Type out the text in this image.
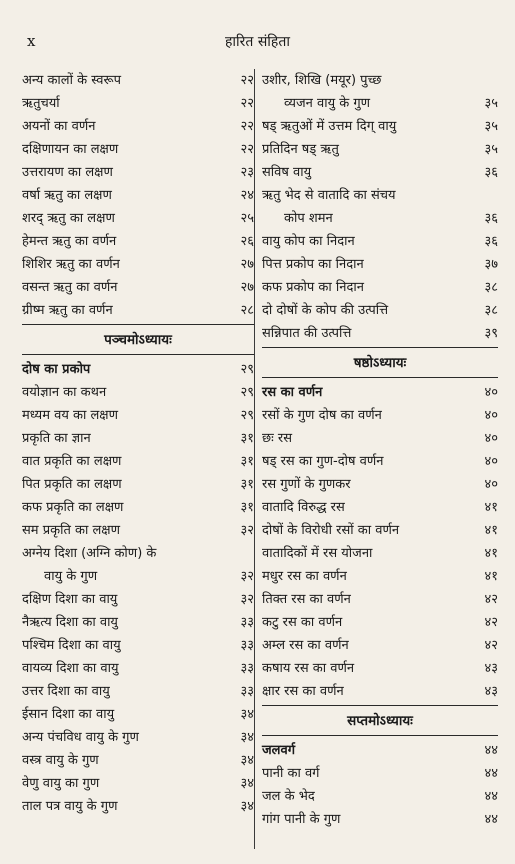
x	हारित संहिता
अन्य कालों के स्वरूप	२२
ऋतुचर्या	२२
अयनों का वर्णन	२२
दक्षिणायन का लक्षण	२२
उत्तरायण का लक्षण	२३
वर्षा ऋतु का लक्षण	२४
शरद् ऋतु का लक्षण	२५
हेमन्त ऋतु का वर्णन	२६
शिशिर ऋतु का वर्णन	२७
वसन्त ऋतु का वर्णन	२७
ग्रीष्म ऋतु का वर्णन	२८
पञ्चमोऽध्यायः
दोष का प्रकोप	२९
वयोज्ञान का कथन	२९
मध्यम वय का लक्षण	२९
प्रकृति का ज्ञान	३१
वात प्रकृति का लक्षण	३१
पित प्रकृति का लक्षण	३१
कफ प्रकृति का लक्षण	३१
सम प्रकृति का लक्षण	३२
अग्नेय दिशा (अग्नि कोण) के
वायु के गुण	३२
दक्षिण दिशा का वायु	३२
नैऋत्य दिशा का वायु	३३
पश्चिम दिशा का वायु	३३
वायव्य दिशा का वायु	३३
उत्तर दिशा का वायु	३३
ईसान दिशा का वायु	३४
अन्य पंचविध वायु के गुण	३४
वस्त्र वायु के गुण	३४
वेणु वायु का गुण	३४
ताल पत्र वायु के गुण	३४
उशीर, शिखि (मयूर) पुच्छ
व्यजन वायु के गुण	३५
षड् ऋतुओं में उत्तम दिग् वायु	३५
प्रतिदिन षड् ऋतु	३५
सविष वायु	३६
ऋतु भेद से वातादि का संचय
कोप शमन	३६
वायु कोप का निदान	३६
पित्त प्रकोप का निदान	३७
कफ प्रकोप का निदान	३८
दो दोषों के कोप की उत्पत्ति	३८
सन्निपात की उत्पत्ति	३९
षष्ठोऽध्यायः
रस का वर्णन	४०
रसों के गुण दोष का वर्णन	४०
छः रस	४०
षड् रस का गुण-दोष वर्णन	४०
रस गुणों के गुणकर	४०
वातादि विरुद्ध रस	४१
दोषों के विरोधी रसों का वर्णन	४१
वातादिकों में रस योजना	४१
मधुर रस का वर्णन	४१
तिक्त रस का वर्णन	४२
कटु रस का वर्णन	४२
अम्ल रस का वर्णन	४२
कषाय रस का वर्णन	४३
क्षार रस का वर्णन	४३
सप्तमोऽध्यायः
जलवर्ग	४४
पानी का वर्ग	४४
जल के भेद	४४
गांग पानी के गुण	४४
